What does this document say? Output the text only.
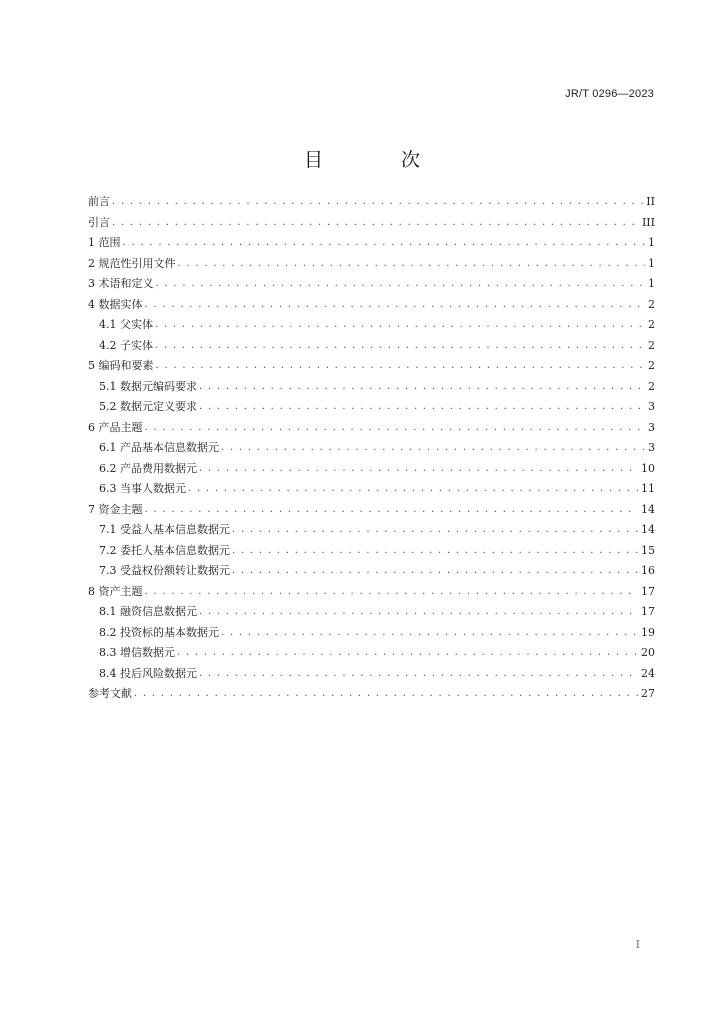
JR/T 0296—2023
目 次
前言 . . .	II
引言 . . .	III
1 范围 . . .	1
2 规范性引用文件 . . .	1
3 术语和定义 . . .	1
4 数据实体 . . .	2
4.1 父实体 . . .	2
4.2 子实体 . . .	2
5 编码和要素 . . .	2
5.1 数据元编码要求 . . .	2
5.2 数据元定义要求 . . .	3
6 产品主题 . . .	3
6.1 产品基本信息数据元 . . .	3
6.2 产品费用数据元 . . .	10
6.3 当事人数据元 . . .	11
7 资金主题 . . .	14
7.1 受益人基本信息数据元 . . .	14
7.2 委托人基本信息数据元 . . .	15
7.3 受益权份额转让数据元 . . .	16
8 资产主题 . . .	17
8.1 融资信息数据元 . . .	17
8.2 投资标的基本数据元 . . .	19
8.3 增信数据元 . . .	20
8.4 投后风险数据元 . . .	24
参考文献 . . .	27
I
